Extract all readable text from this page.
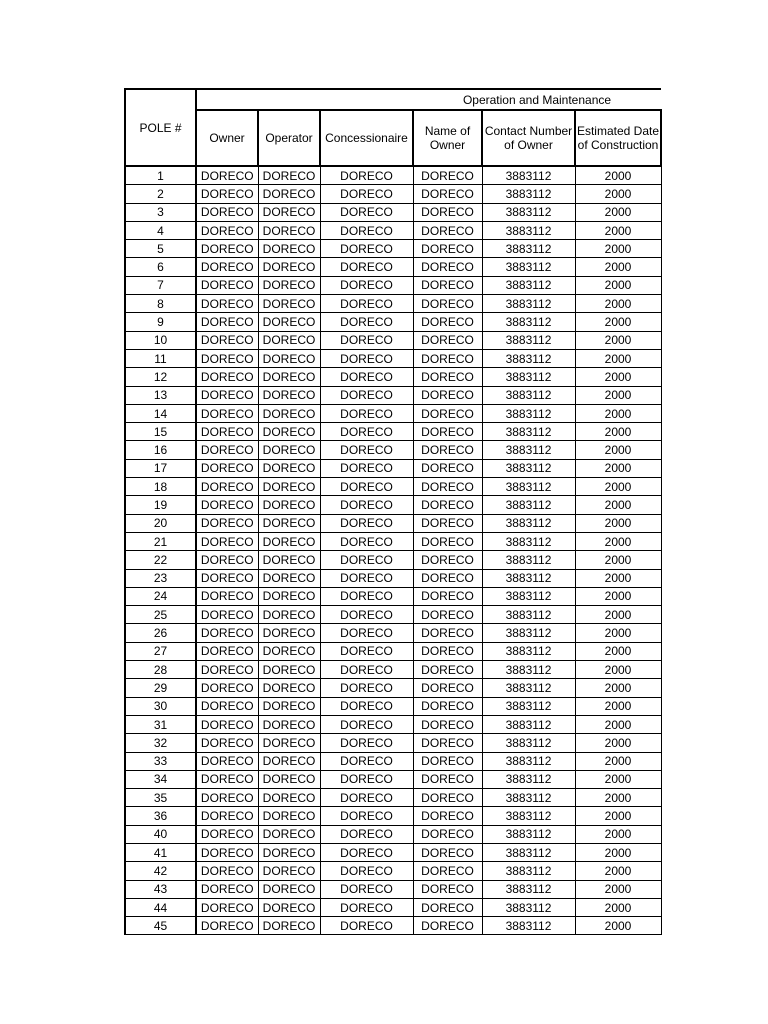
POLE #				Operation and Maintenance		
	Owner	Operator	Concessionaire	Name of Owner	Contact Number of Owner	Estimated Date of Construction
1	DORECO	DORECO	DORECO	DORECO	3883112	2000
2	DORECO	DORECO	DORECO	DORECO	3883112	2000
3	DORECO	DORECO	DORECO	DORECO	3883112	2000
4	DORECO	DORECO	DORECO	DORECO	3883112	2000
5	DORECO	DORECO	DORECO	DORECO	3883112	2000
6	DORECO	DORECO	DORECO	DORECO	3883112	2000
7	DORECO	DORECO	DORECO	DORECO	3883112	2000
8	DORECO	DORECO	DORECO	DORECO	3883112	2000
9	DORECO	DORECO	DORECO	DORECO	3883112	2000
10	DORECO	DORECO	DORECO	DORECO	3883112	2000
11	DORECO	DORECO	DORECO	DORECO	3883112	2000
12	DORECO	DORECO	DORECO	DORECO	3883112	2000
13	DORECO	DORECO	DORECO	DORECO	3883112	2000
14	DORECO	DORECO	DORECO	DORECO	3883112	2000
15	DORECO	DORECO	DORECO	DORECO	3883112	2000
16	DORECO	DORECO	DORECO	DORECO	3883112	2000
17	DORECO	DORECO	DORECO	DORECO	3883112	2000
18	DORECO	DORECO	DORECO	DORECO	3883112	2000
19	DORECO	DORECO	DORECO	DORECO	3883112	2000
20	DORECO	DORECO	DORECO	DORECO	3883112	2000
21	DORECO	DORECO	DORECO	DORECO	3883112	2000
22	DORECO	DORECO	DORECO	DORECO	3883112	2000
23	DORECO	DORECO	DORECO	DORECO	3883112	2000
24	DORECO	DORECO	DORECO	DORECO	3883112	2000
25	DORECO	DORECO	DORECO	DORECO	3883112	2000
26	DORECO	DORECO	DORECO	DORECO	3883112	2000
27	DORECO	DORECO	DORECO	DORECO	3883112	2000
28	DORECO	DORECO	DORECO	DORECO	3883112	2000
29	DORECO	DORECO	DORECO	DORECO	3883112	2000
30	DORECO	DORECO	DORECO	DORECO	3883112	2000
31	DORECO	DORECO	DORECO	DORECO	3883112	2000
32	DORECO	DORECO	DORECO	DORECO	3883112	2000
33	DORECO	DORECO	DORECO	DORECO	3883112	2000
34	DORECO	DORECO	DORECO	DORECO	3883112	2000
35	DORECO	DORECO	DORECO	DORECO	3883112	2000
36	DORECO	DORECO	DORECO	DORECO	3883112	2000
40	DORECO	DORECO	DORECO	DORECO	3883112	2000
41	DORECO	DORECO	DORECO	DORECO	3883112	2000
42	DORECO	DORECO	DORECO	DORECO	3883112	2000
43	DORECO	DORECO	DORECO	DORECO	3883112	2000
44	DORECO	DORECO	DORECO	DORECO	3883112	2000
45	DORECO	DORECO	DORECO	DORECO	3883112	2000
